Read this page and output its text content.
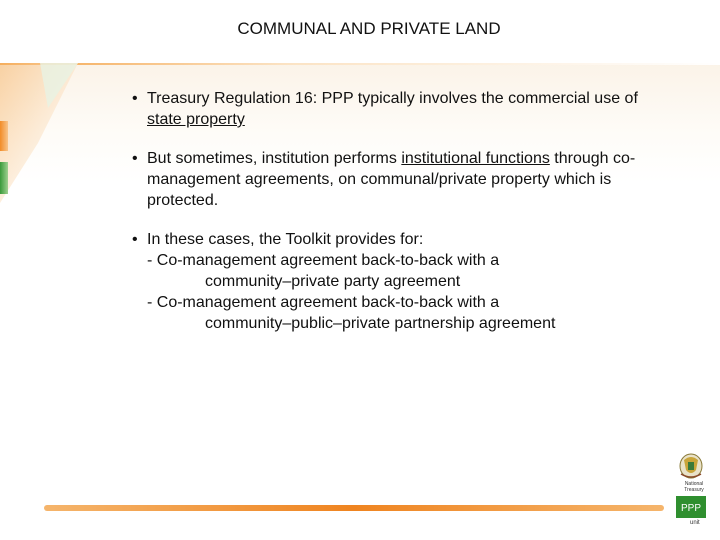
COMMUNAL AND PRIVATE LAND
• Treasury Regulation 16: PPP typically involves the commercial use of state property
• But sometimes, institution performs institutional functions through co-management agreements, on communal/private property which is protected.
• In these cases, the Toolkit provides for:
- Co-management agreement back-to-back with a
community–private party agreement
- Co-management agreement back-to-back with a
community–public–private partnership agreement
National
Treasury
PPP
unit
